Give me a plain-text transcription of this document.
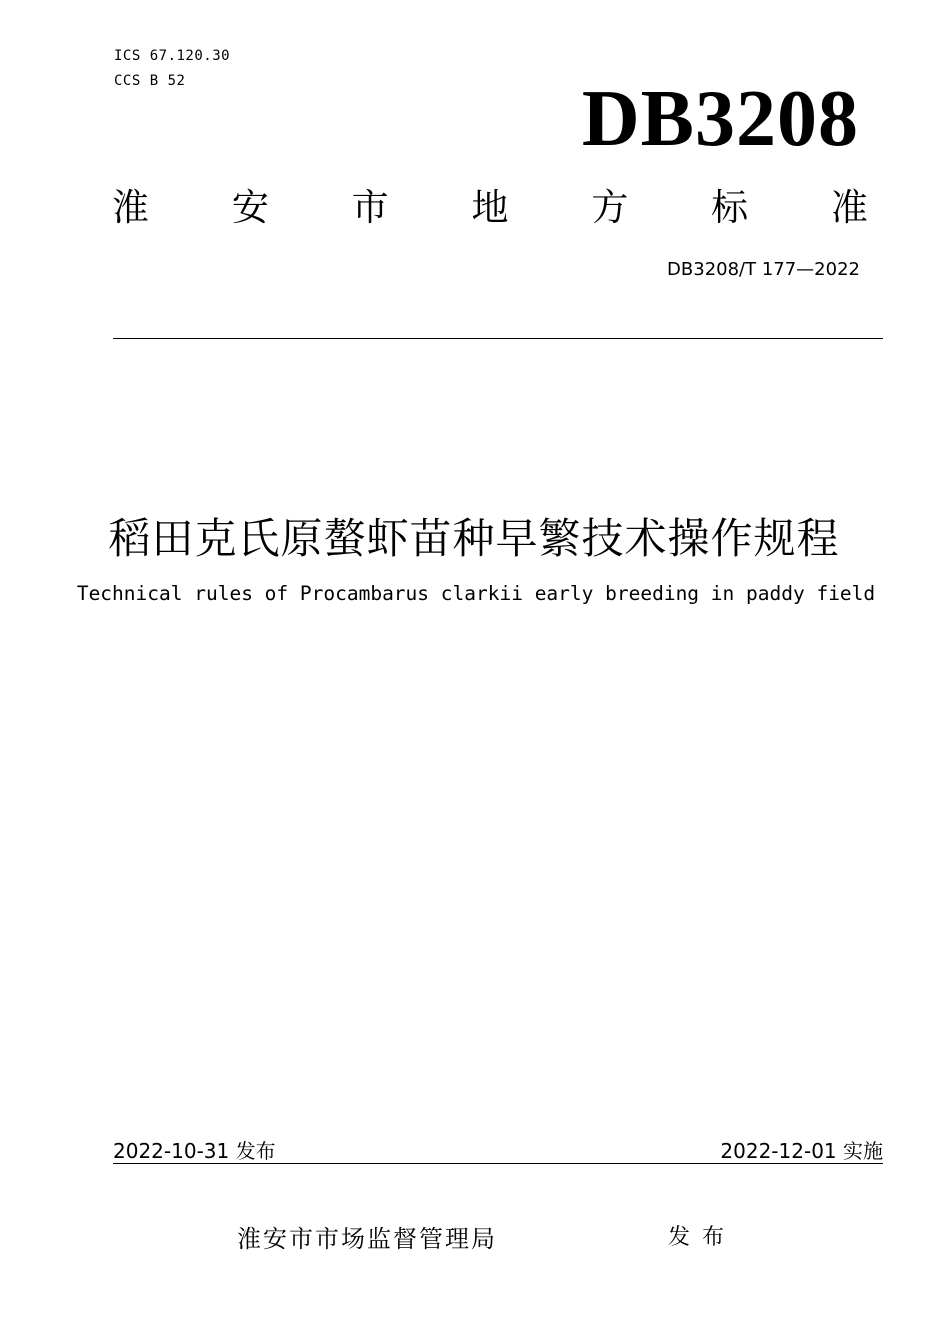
ICS 67.120.30
CCS B 52	DB3208
淮 安 市 地 方 标 准
DB3208/T 177—2022
稻田克氏原螯虾苗种早繁技术操作规程
Technical rules of Procambarus clarkii early breeding in paddy field
2022-10-31 发布	2022-12-01 实施
淮安市市场监督管理局	发布
